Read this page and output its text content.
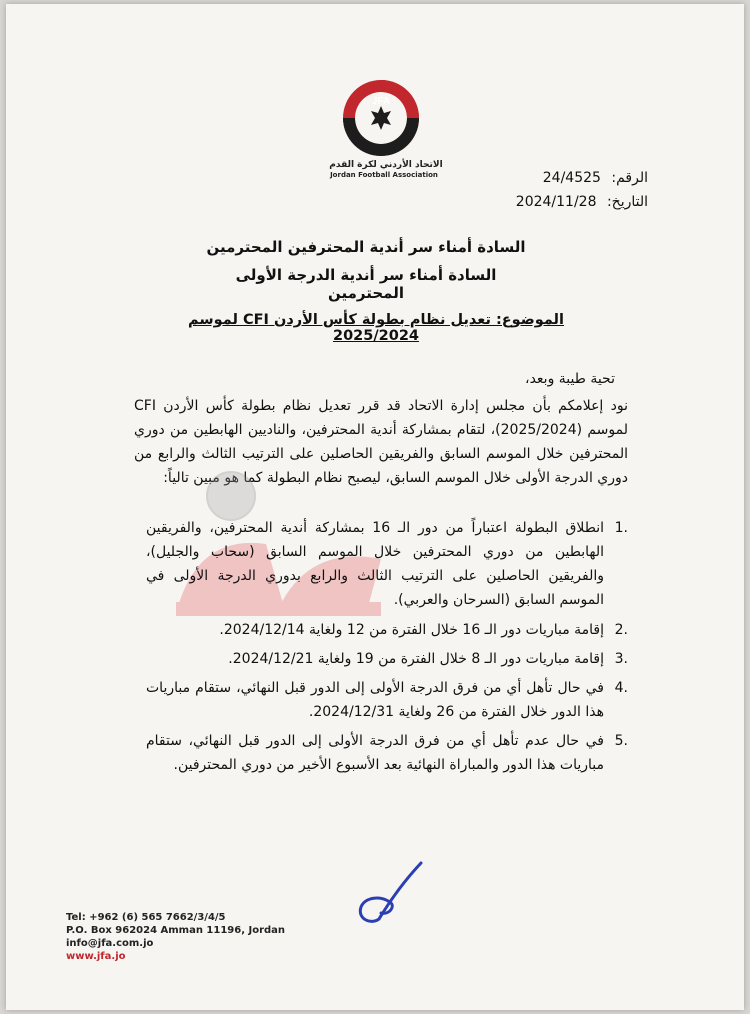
JFA
الاتحاد الأردني لكرة القدم
Jordan Football Association	الرقم: 24/4525
التاريخ: 2024/11/28
السادة أمناء سر أندية المحترفين المحترمين
السادة أمناء سر أندية الدرجة الأولى المحترمين
الموضوع: تعديل نظام بطولة كأس الأردن CFI لموسم 2025/2024
تحية طيبة وبعد،
نود إعلامكم بأن مجلس إدارة الاتحاد قد قرر تعديل نظام بطولة كأس الأردن CFI لموسم (2025/2024)، لتقام بمشاركة أندية المحترفين، والناديين الهابطين من دوري المحترفين خلال الموسم السابق والفريقين الحاصلين على الترتيب الثالث والرابع من دوري الدرجة الأولى خلال الموسم السابق، ليصبح نظام البطولة كما هو مبين تالياً:
1.
انطلاق البطولة اعتباراً من دور الـ 16 بمشاركة أندية المحترفين، والفريقين الهابطين من دوري المحترفين خلال الموسم السابق (سحاب والجليل)، والفريقين الحاصلين على الترتيب الثالث والرابع بدوري الدرجة الأولى في الموسم السابق (السرحان والعربي).
2.
إقامة مباريات دور الـ 16 خلال الفترة من 12 ولغاية 2024/12/14.
3.
إقامة مباريات دور الـ 8 خلال الفترة من 19 ولغاية 2024/12/21.
4.
في حال تأهل أي من فرق الدرجة الأولى إلى الدور قبل النهائي، ستقام مباريات هذا الدور خلال الفترة من 26 ولغاية 2024/12/31.
5.
في حال عدم تأهل أي من فرق الدرجة الأولى إلى الدور قبل النهائي، ستقام مباريات هذا الدور والمباراة النهائية بعد الأسبوع الأخير من دوري المحترفين.
Tel: +962 (6) 565 7662/3/4/5
P.O. Box 962024 Amman 11196, Jordan
info@jfa.com.jo
www.jfa.jo
